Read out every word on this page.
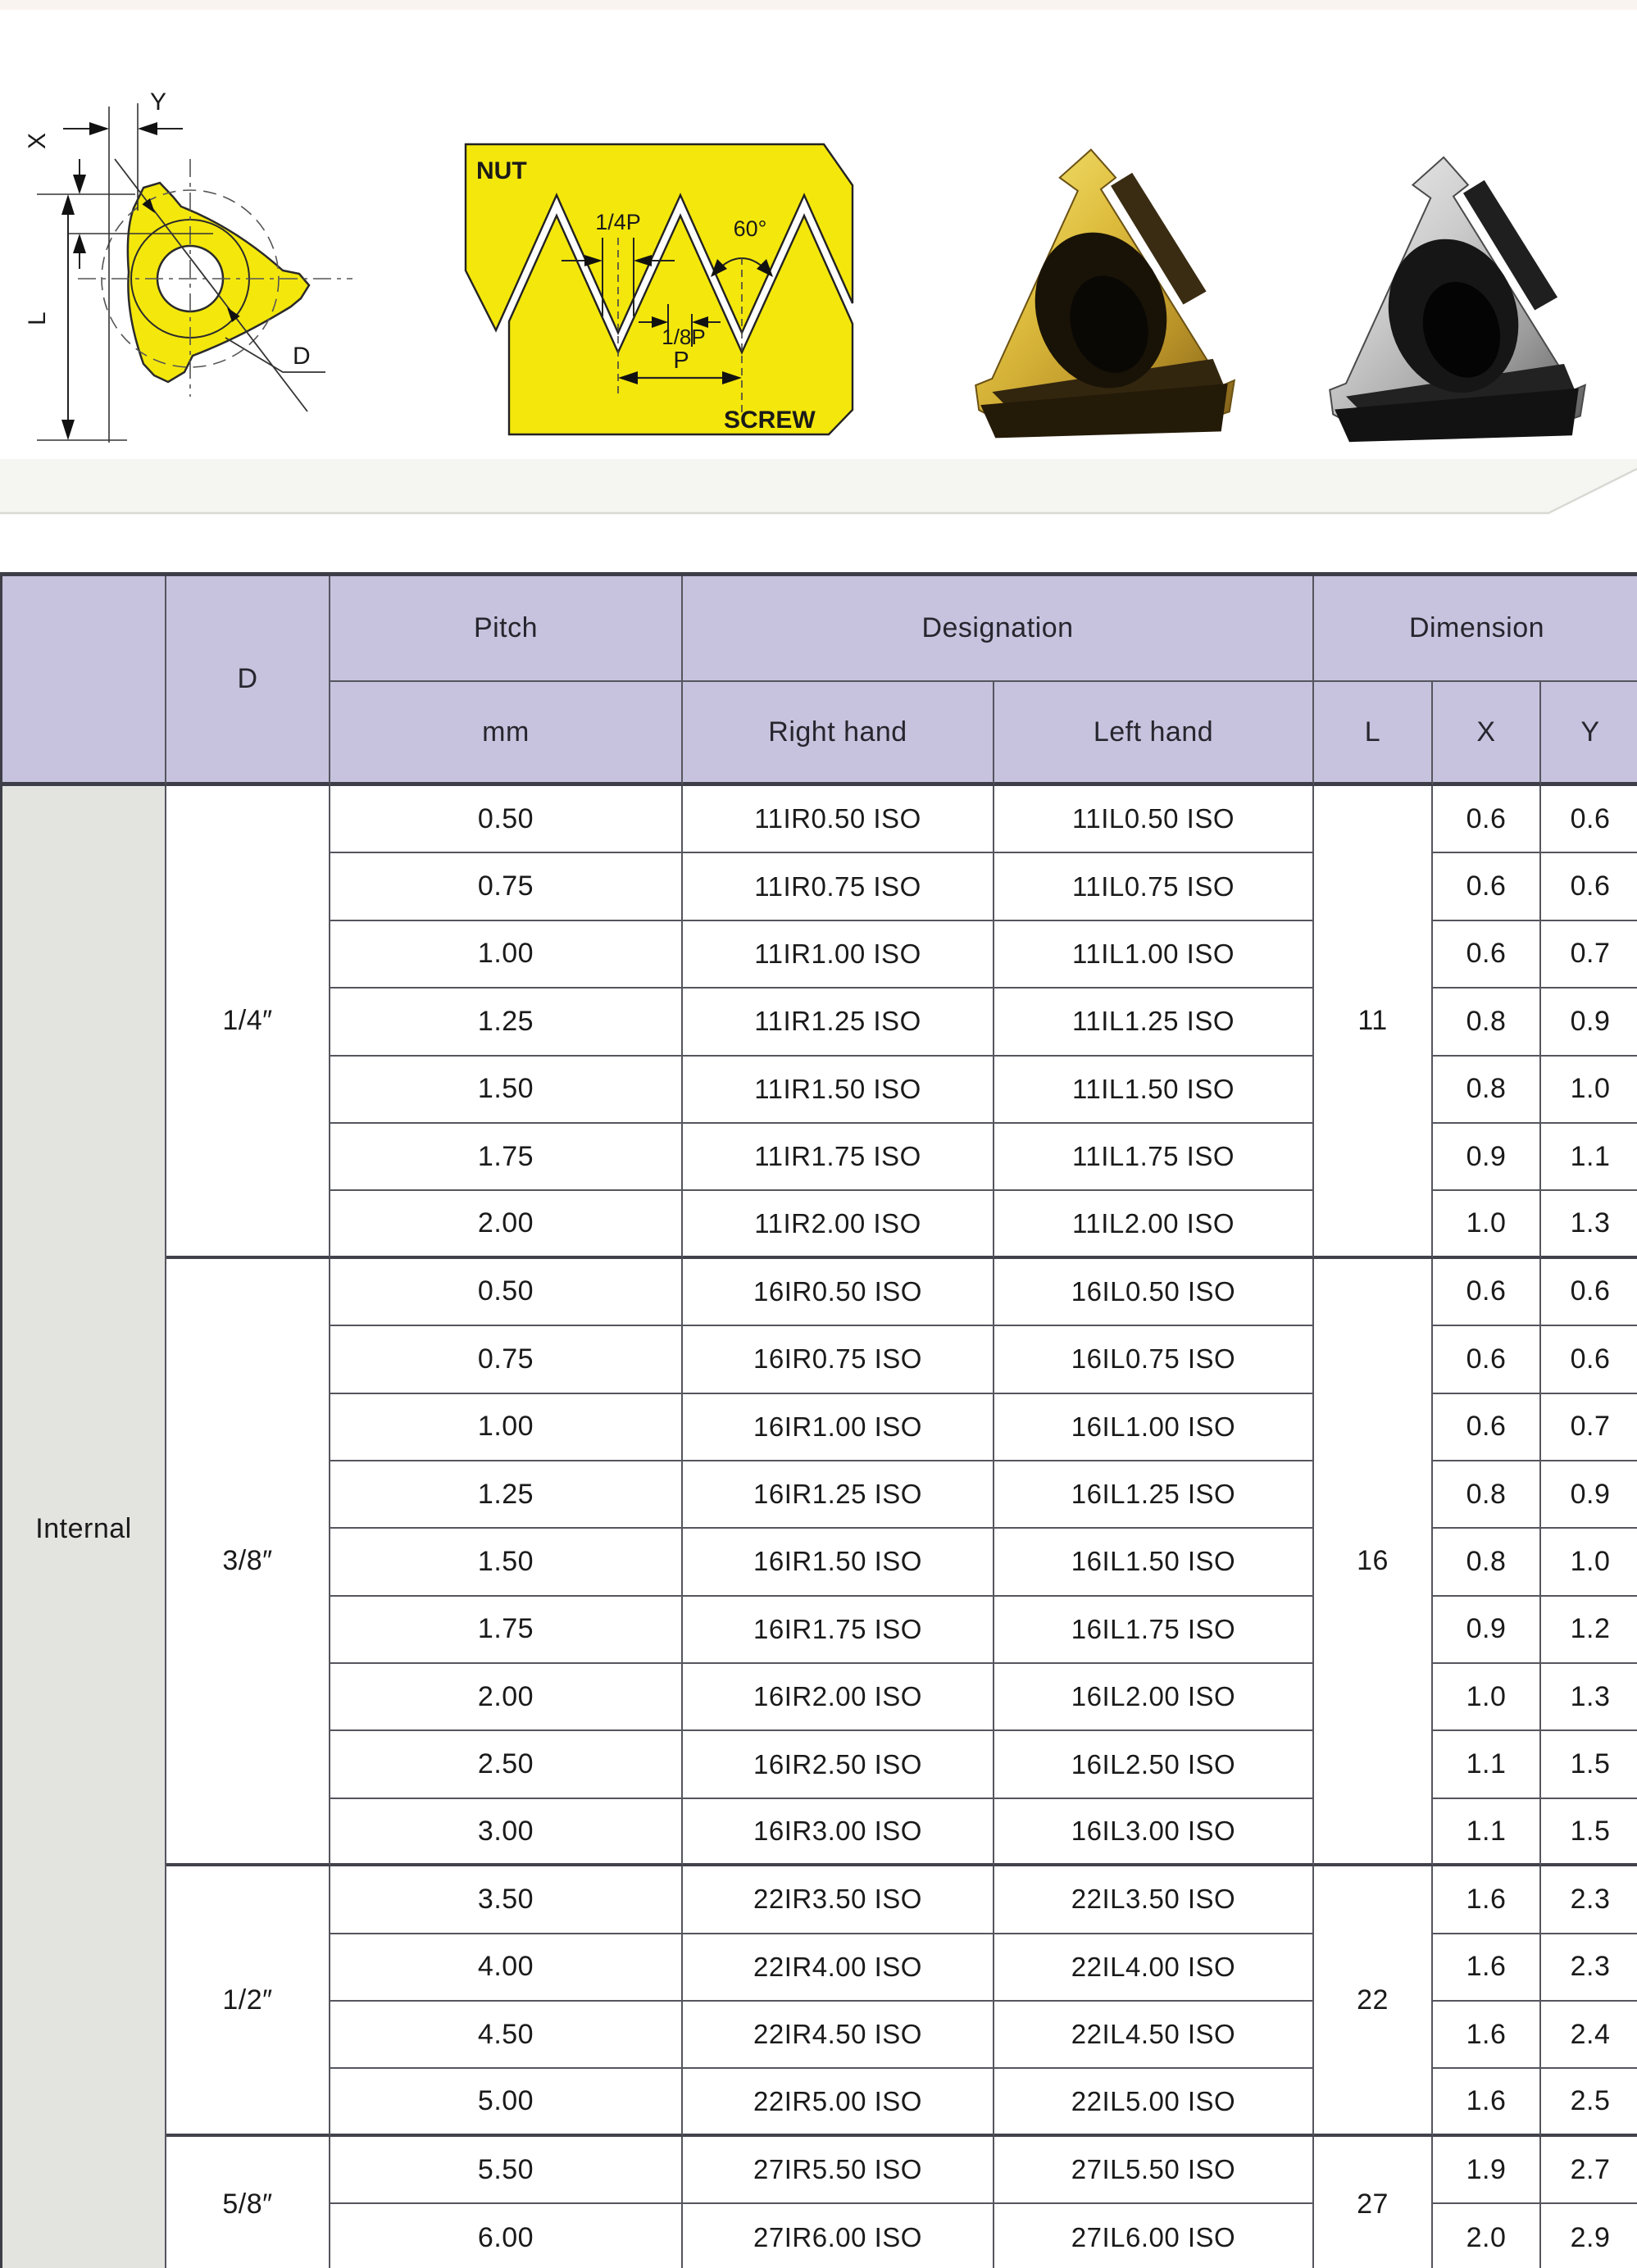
D
Y
X
L
NUT
SCREW
1/4P	60°
1/8P
P
D
Pitch	Designation	Dimension
mm	Right hand	Left hand	L	X	Y
Internal
1/4″	11
0.50	11IR0.50 ISO	11IL0.50 ISO	0.6	0.6
0.75	11IR0.75 ISO	11IL0.75 ISO	0.6	0.6
1.00	11IR1.00 ISO	11IL1.00 ISO	0.6	0.7
1.25	11IR1.25 ISO	11IL1.25 ISO	0.8	0.9
1.50	11IR1.50 ISO	11IL1.50 ISO	0.8	1.0
1.75	11IR1.75 ISO	11IL1.75 ISO	0.9	1.1
2.00	11IR2.00 ISO	11IL2.00 ISO	1.0	1.3
3/8″	16
0.50	16IR0.50 ISO	16IL0.50 ISO	0.6	0.6
0.75	16IR0.75 ISO	16IL0.75 ISO	0.6	0.6
1.00	16IR1.00 ISO	16IL1.00 ISO	0.6	0.7
1.25	16IR1.25 ISO	16IL1.25 ISO	0.8	0.9
1.50	16IR1.50 ISO	16IL1.50 ISO	0.8	1.0
1.75	16IR1.75 ISO	16IL1.75 ISO	0.9	1.2
2.00	16IR2.00 ISO	16IL2.00 ISO	1.0	1.3
2.50	16IR2.50 ISO	16IL2.50 ISO	1.1	1.5
3.00	16IR3.00 ISO	16IL3.00 ISO	1.1	1.5
1/2″	22
3.50	22IR3.50 ISO	22IL3.50 ISO	1.6	2.3
4.00	22IR4.00 ISO	22IL4.00 ISO	1.6	2.3
4.50	22IR4.50 ISO	22IL4.50 ISO	1.6	2.4
5.00	22IR5.00 ISO	22IL5.00 ISO	1.6	2.5
5/8″	27
5.50	27IR5.50 ISO	27IL5.50 ISO	1.9	2.7
6.00	27IR6.00 ISO	27IL6.00 ISO	2.0	2.9
